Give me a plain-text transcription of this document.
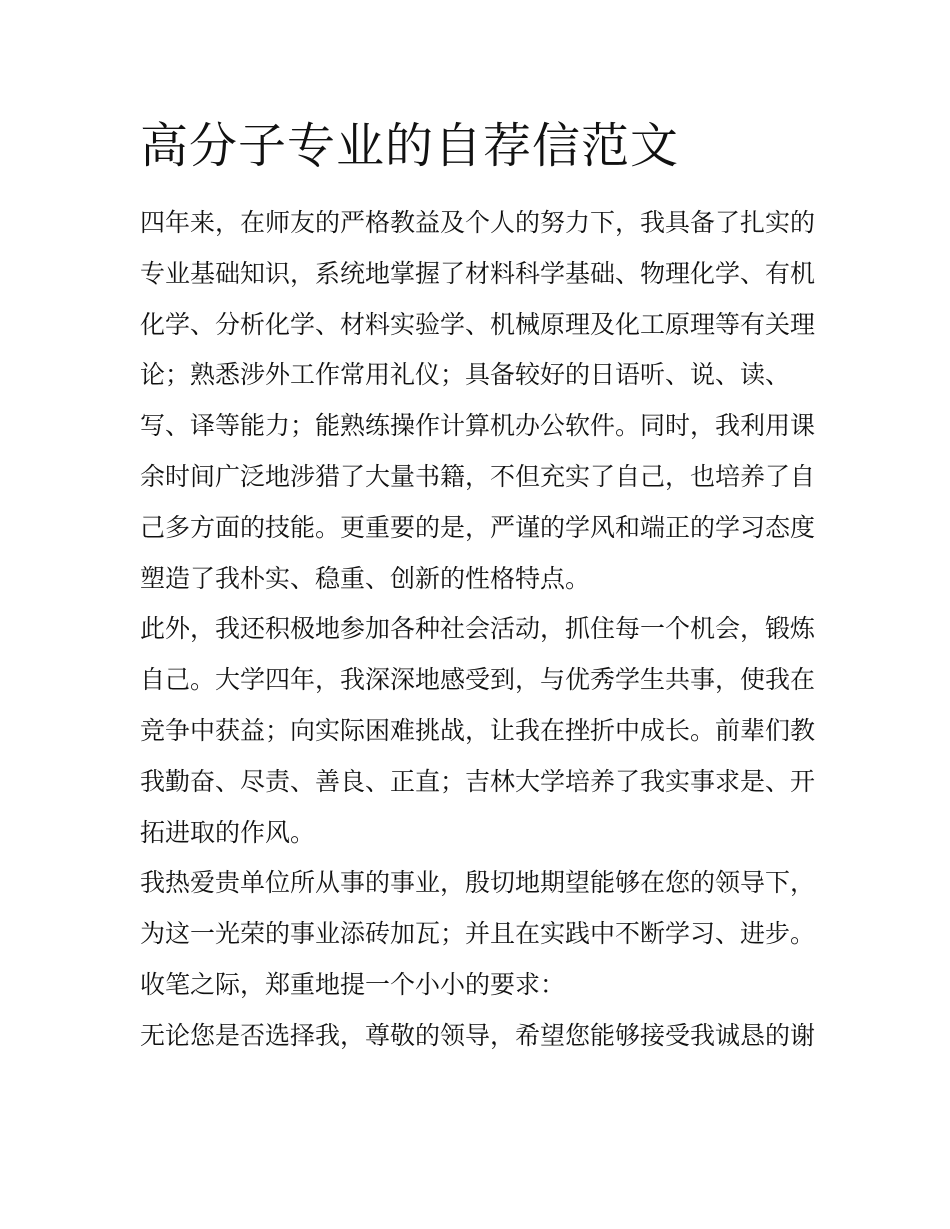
高分子专业的自荐信范文
四年来，在师友的严格教益及个人的努力下，我具备了扎实的
专业基础知识，系统地掌握了材料科学基础、物理化学、有机
化学、分析化学、材料实验学、机械原理及化工原理等有关理
论；熟悉涉外工作常用礼仪；具备较好的日语听、说、读、
写、译等能力；能熟练操作计算机办公软件。同时，我利用课
余时间广泛地涉猎了大量书籍，不但充实了自己，也培养了自
己多方面的技能。更重要的是，严谨的学风和端正的学习态度
塑造了我朴实、稳重、创新的性格特点。
此外，我还积极地参加各种社会活动，抓住每一个机会，锻炼
自己。大学四年，我深深地感受到，与优秀学生共事，使我在
竞争中获益；向实际困难挑战，让我在挫折中成长。前辈们教
我勤奋、尽责、善良、正直；吉林大学培养了我实事求是、开
拓进取的作风。
我热爱贵单位所从事的事业，殷切地期望能够在您的领导下，
为这一光荣的事业添砖加瓦；并且在实践中不断学习、进步。
收笔之际，郑重地提一个小小的要求：
无论您是否选择我，尊敬的领导，希望您能够接受我诚恳的谢
